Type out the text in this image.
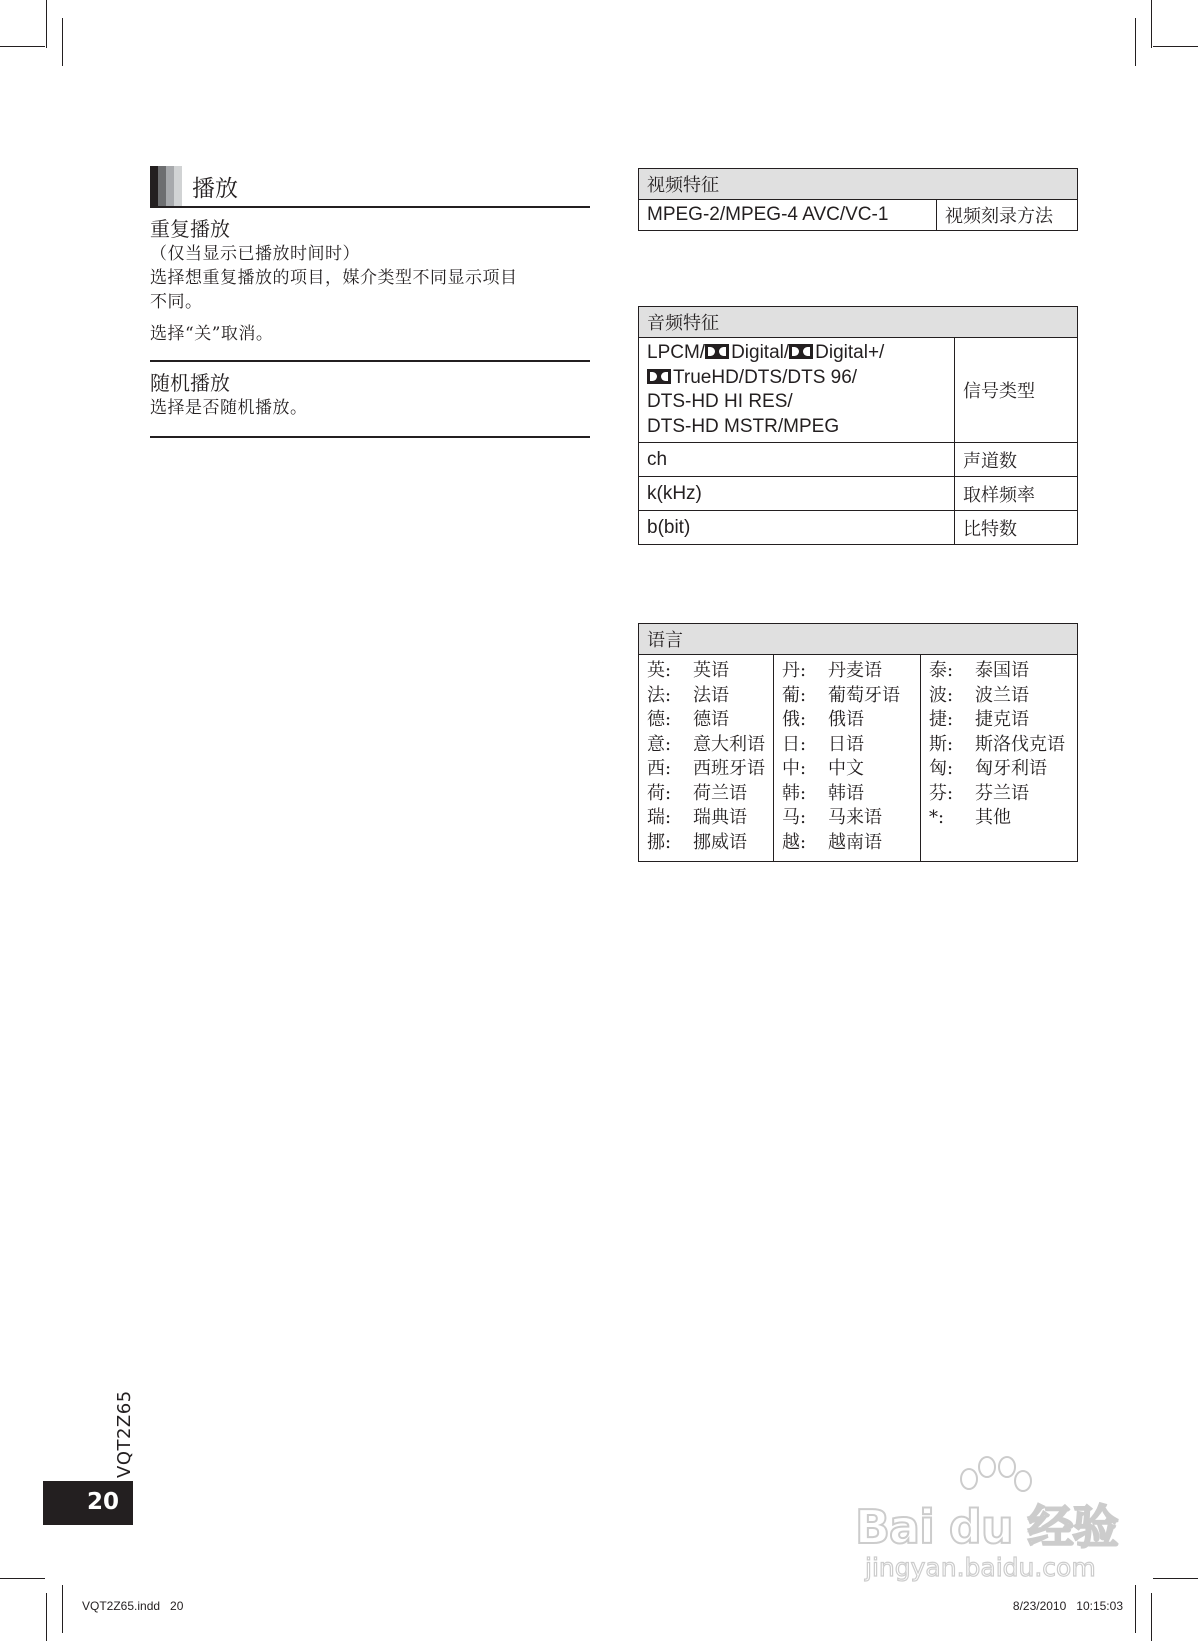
播放
重复播放
（仅当显示已播放时间时）
选择想重复播放的项目，媒介类型不同显示项目
不同。
选择“关”取消。
随机播放
选择是否随机播放。
视频特征
MPEG-2/MPEG-4 AVC/VC-1	视频刻录方法
音频特征	

LPCM/ Digital/ Digital+/
TrueHD/DTS/DTS 96/
DTS-HD HI RES/
DTS-HD MSTR/MPEG	信号类型
ch	声道数
k(kHz)	取样频率
b(bit)	比特数
语言

英:	英语
法:	法语
德:	德语
意:	意大利语
西:	西班牙语
荷:	荷兰语
瑞:	瑞典语
挪:	挪威语

丹:	丹麦语
葡:	葡萄牙语
俄:	俄语
日:	日语
中:	中文
韩:	韩语
马:	马来语
越:	越南语

泰:	泰国语
波:	波兰语
捷:	捷克语
斯:	斯洛伐克语
匈:	匈牙利语
芬:	芬兰语
*:	其他
VQT2Z65
20
VQT2Z65.indd   20	8/23/2010   10:15:03
Bai du 经验
jingyan.baidu.com
